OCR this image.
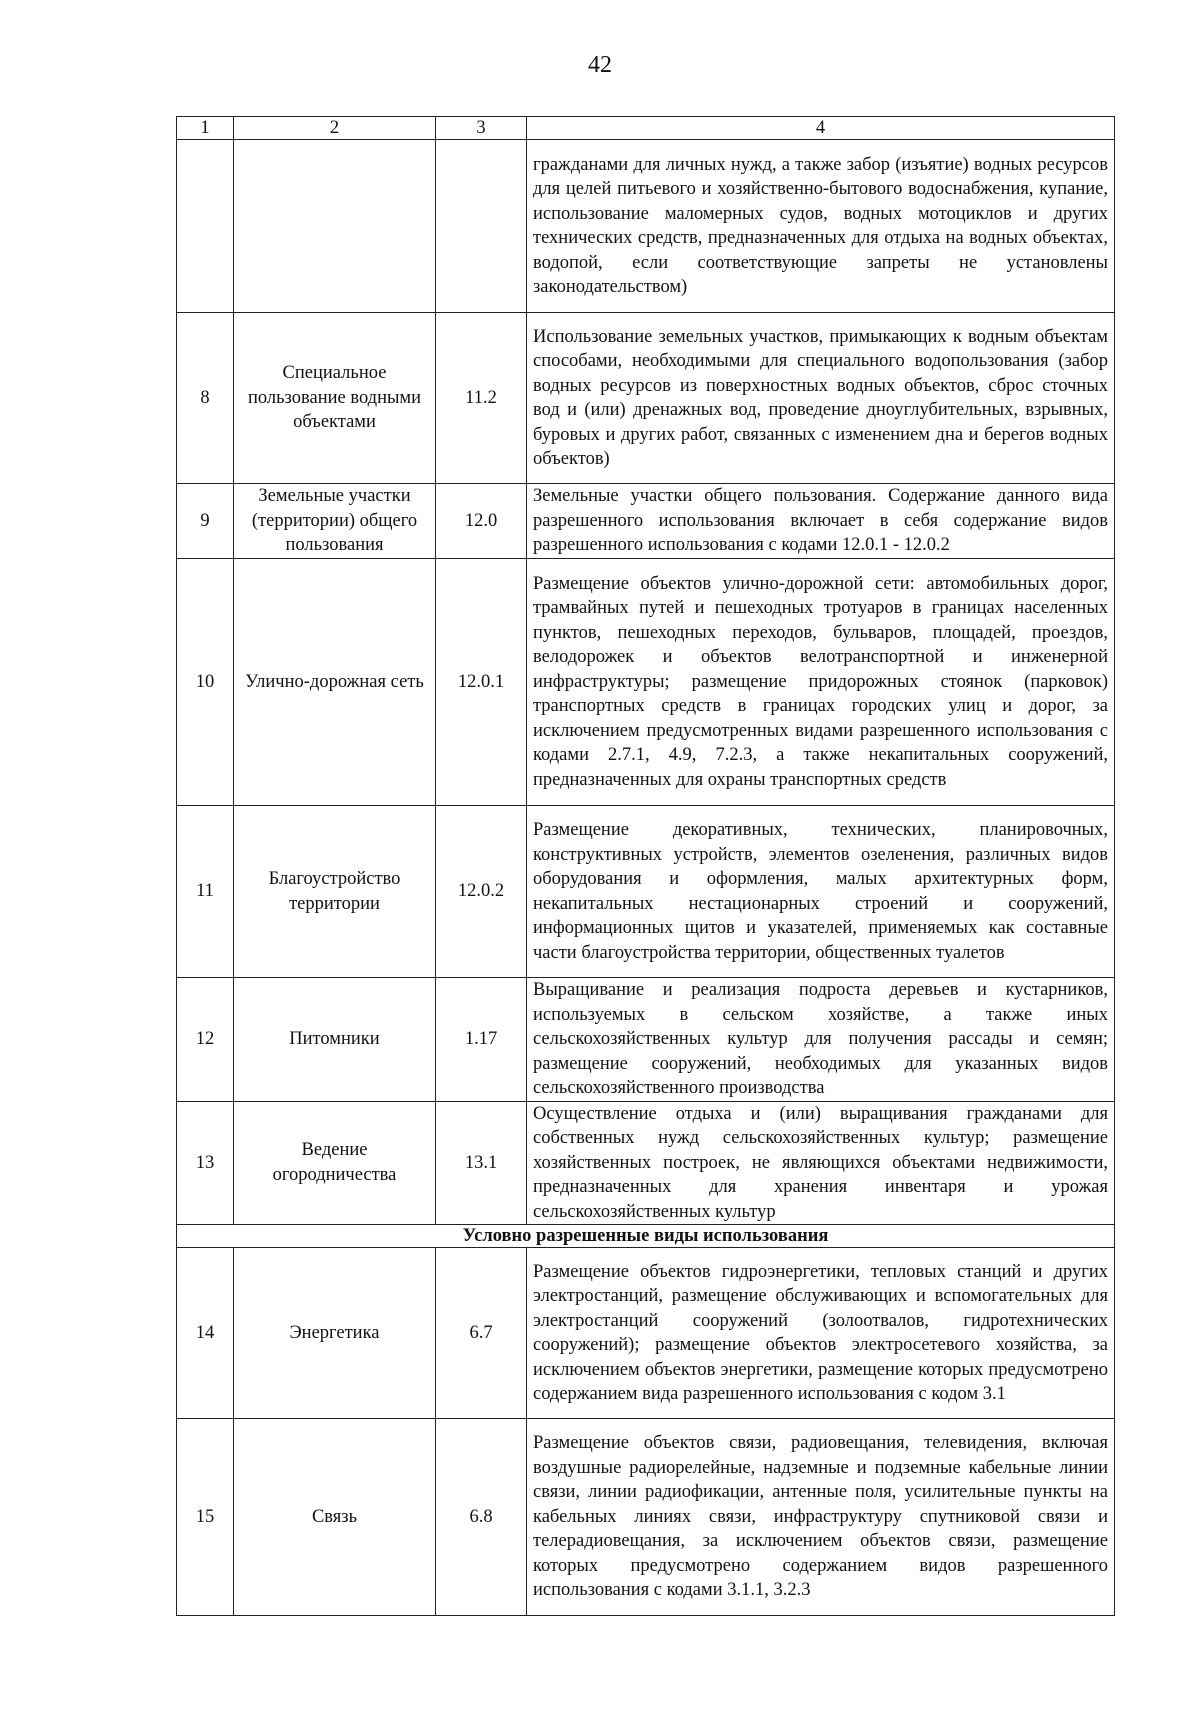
42
1	2	3	4
			гражданами для личных нужд, а также забор (изъятие) водных ресурсов для целей питьевого и хозяйственно-бытового водоснабжения, купание, использование маломерных судов, водных мотоциклов и других технических средств, предназначенных для отдыха на водных объектах, водопой, если соответствующие запреты не установлены законодательством)
8	Специальное пользование водными объектами	11.2	Использование земельных участков, примыкающих к водным объектам способами, необходимыми для специального водопользования (забор водных ресурсов из поверхностных водных объектов, сброс сточных вод и (или) дренажных вод, проведение дноуглубительных, взрывных, буровых и других работ, связанных с изменением дна и берегов водных объектов)
9	Земельные участки (территории) общего пользования	12.0	Земельные участки общего пользования. Содержание данного вида разрешенного использования включает в себя содержание видов разрешенного использования с кодами 12.0.1 - 12.0.2
10	Улично-дорожная сеть	12.0.1	Размещение объектов улично-дорожной сети: автомобильных дорог, трамвайных путей и пешеходных тротуаров в границах населенных пунктов, пешеходных переходов, бульваров, площадей, проездов, велодорожек и объектов велотранспортной и инженерной инфраструктуры; размещение придорожных стоянок (парковок) транспортных средств в границах городских улиц и дорог, за исключением предусмотренных видами разрешенного использования с кодами 2.7.1, 4.9, 7.2.3, а также некапитальных сооружений, предназначенных для охраны транспортных средств
11	Благоустройство территории	12.0.2	Размещение декоративных, технических, планировочных, конструктивных устройств, элементов озеленения, различных видов оборудования и оформления, малых архитектурных форм, некапитальных нестационарных строений и сооружений, информационных щитов и указателей, применяемых как составные части благоустройства территории, общественных туалетов
12	Питомники	1.17	Выращивание и реализация подроста деревьев и кустарников, используемых в сельском хозяйстве, а также иных сельскохозяйственных культур для получения рассады и семян; размещение сооружений, необходимых для указанных видов сельскохозяйственного производства
13	Ведение огородничества	13.1	Осуществление отдыха и (или) выращивания гражданами для собственных нужд сельскохозяйственных культур; размещение хозяйственных построек, не являющихся объектами недвижимости, предназначенных для хранения инвентаря и урожая сельскохозяйственных культур
Условно разрешенные виды использования			
14	Энергетика	6.7	Размещение объектов гидроэнергетики, тепловых станций и других электростанций, размещение обслуживающих и вспомогательных для электростанций сооружений (золоотвалов, гидротехнических сооружений); размещение объектов электросетевого хозяйства, за исключением объектов энергетики, размещение которых предусмотрено содержанием вида разрешенного использования с кодом 3.1
15	Связь	6.8	Размещение объектов связи, радиовещания, телевидения, включая воздушные радиорелейные, надземные и подземные кабельные линии связи, линии радиофикации, антенные поля, усилительные пункты на кабельных линиях связи, инфраструктуру спутниковой связи и телерадиовещания, за исключением объектов связи, размещение которых предусмотрено содержанием видов разрешенного использования с кодами 3.1.1, 3.2.3
